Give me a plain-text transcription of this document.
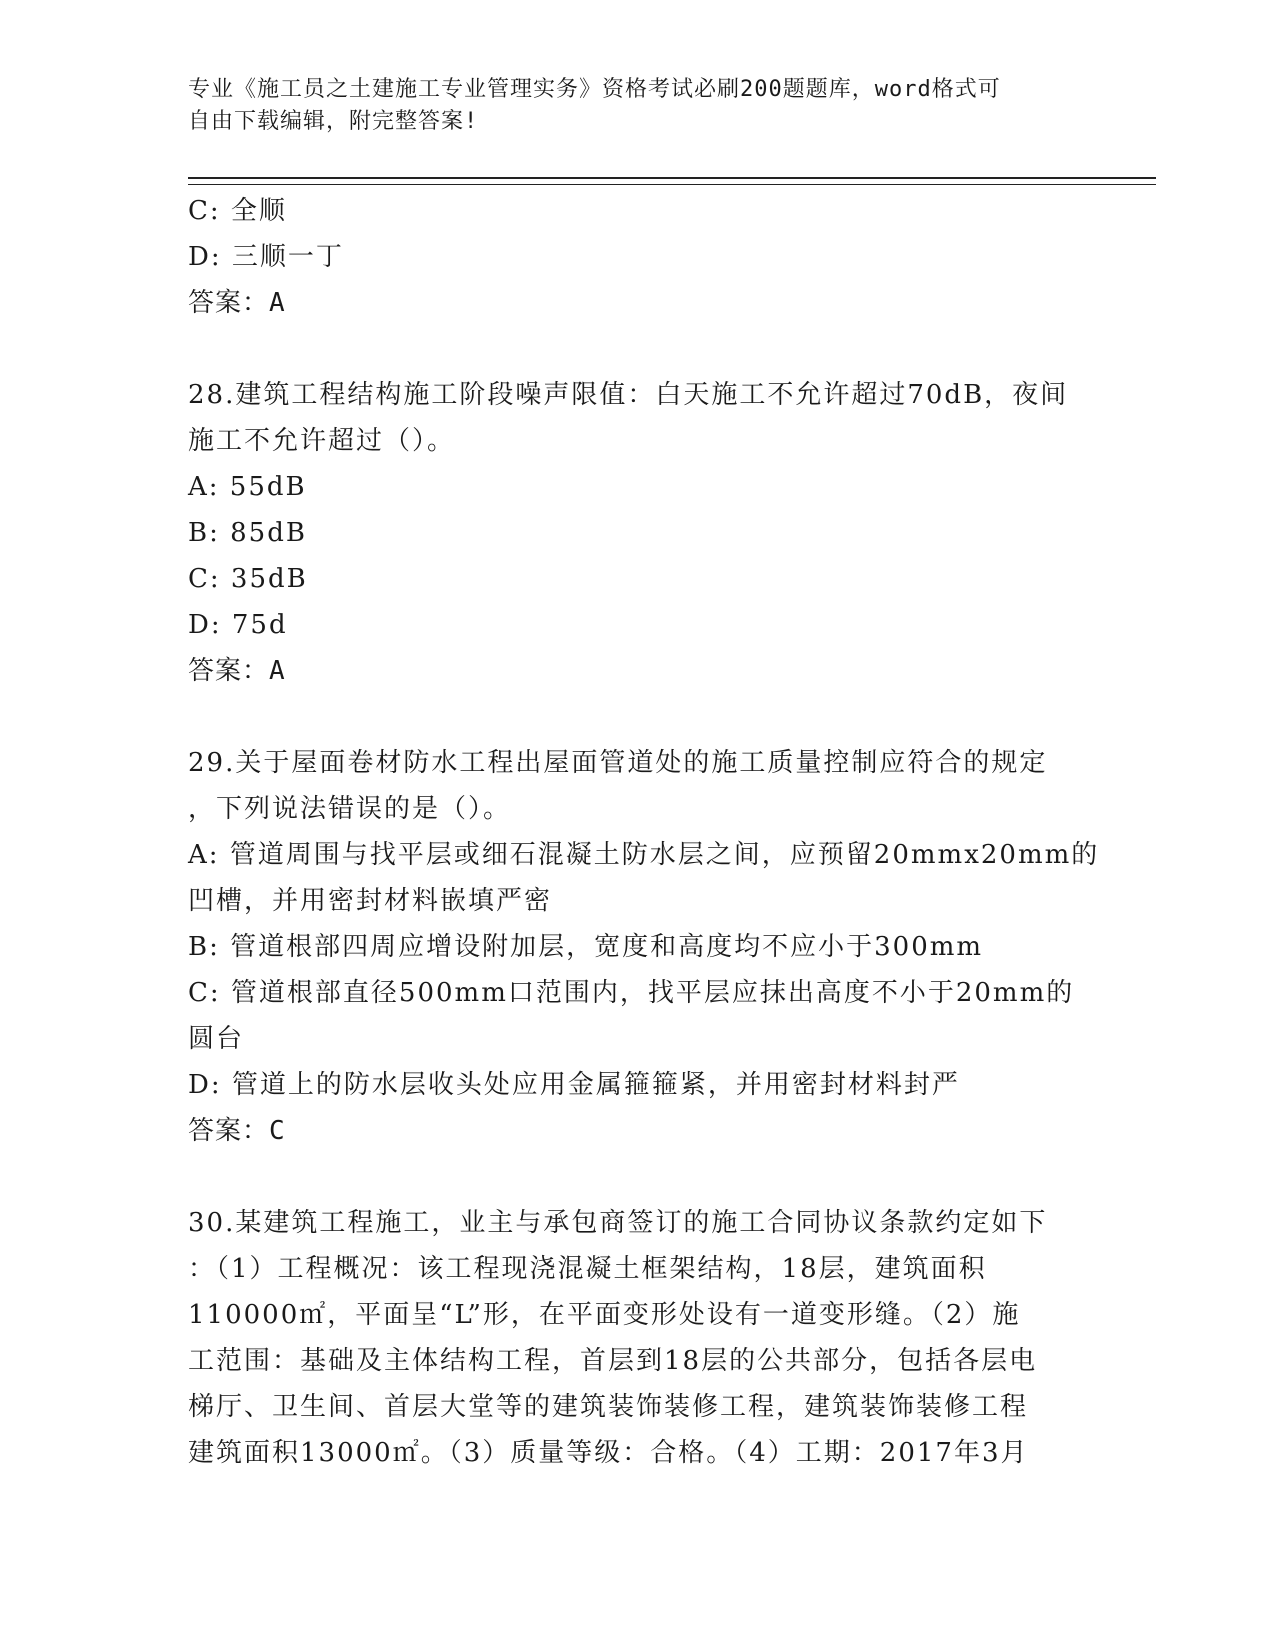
专业《施工员之土建施工专业管理实务》资格考试必刷200题题库，word格式可
自由下载编辑，附完整答案!
C: 全顺
D: 三顺一丁
答案：A
28.建筑工程结构施工阶段噪声限值：白天施工不允许超过70dB，夜间
施工不允许超过（）。
A: 55dB
B: 85dB
C: 35dB
D: 75d
答案：A
29.关于屋面卷材防水工程出屋面管道处的施工质量控制应符合的规定
，下列说法错误的是（）。
A: 管道周围与找平层或细石混凝土防水层之间，应预留20mmx20mm的
凹槽，并用密封材料嵌填严密
B: 管道根部四周应增设附加层，宽度和高度均不应小于300mm
C: 管道根部直径500mm口范围内，找平层应抹出高度不小于20mm的
圆台
D: 管道上的防水层收头处应用金属箍箍紧，并用密封材料封严
答案：C
30.某建筑工程施工，业主与承包商签订的施工合同协议条款约定如下
：（1）工程概况：该工程现浇混凝土框架结构，18层，建筑面积
110000㎡，平面呈“L”形，在平面变形处设有一道变形缝。（2）施
工范围：基础及主体结构工程，首层到18层的公共部分，包括各层电
梯厅、卫生间、首层大堂等的建筑装饰装修工程，建筑装饰装修工程
建筑面积13000㎡。（3）质量等级：合格。（4）工期：2017年3月
